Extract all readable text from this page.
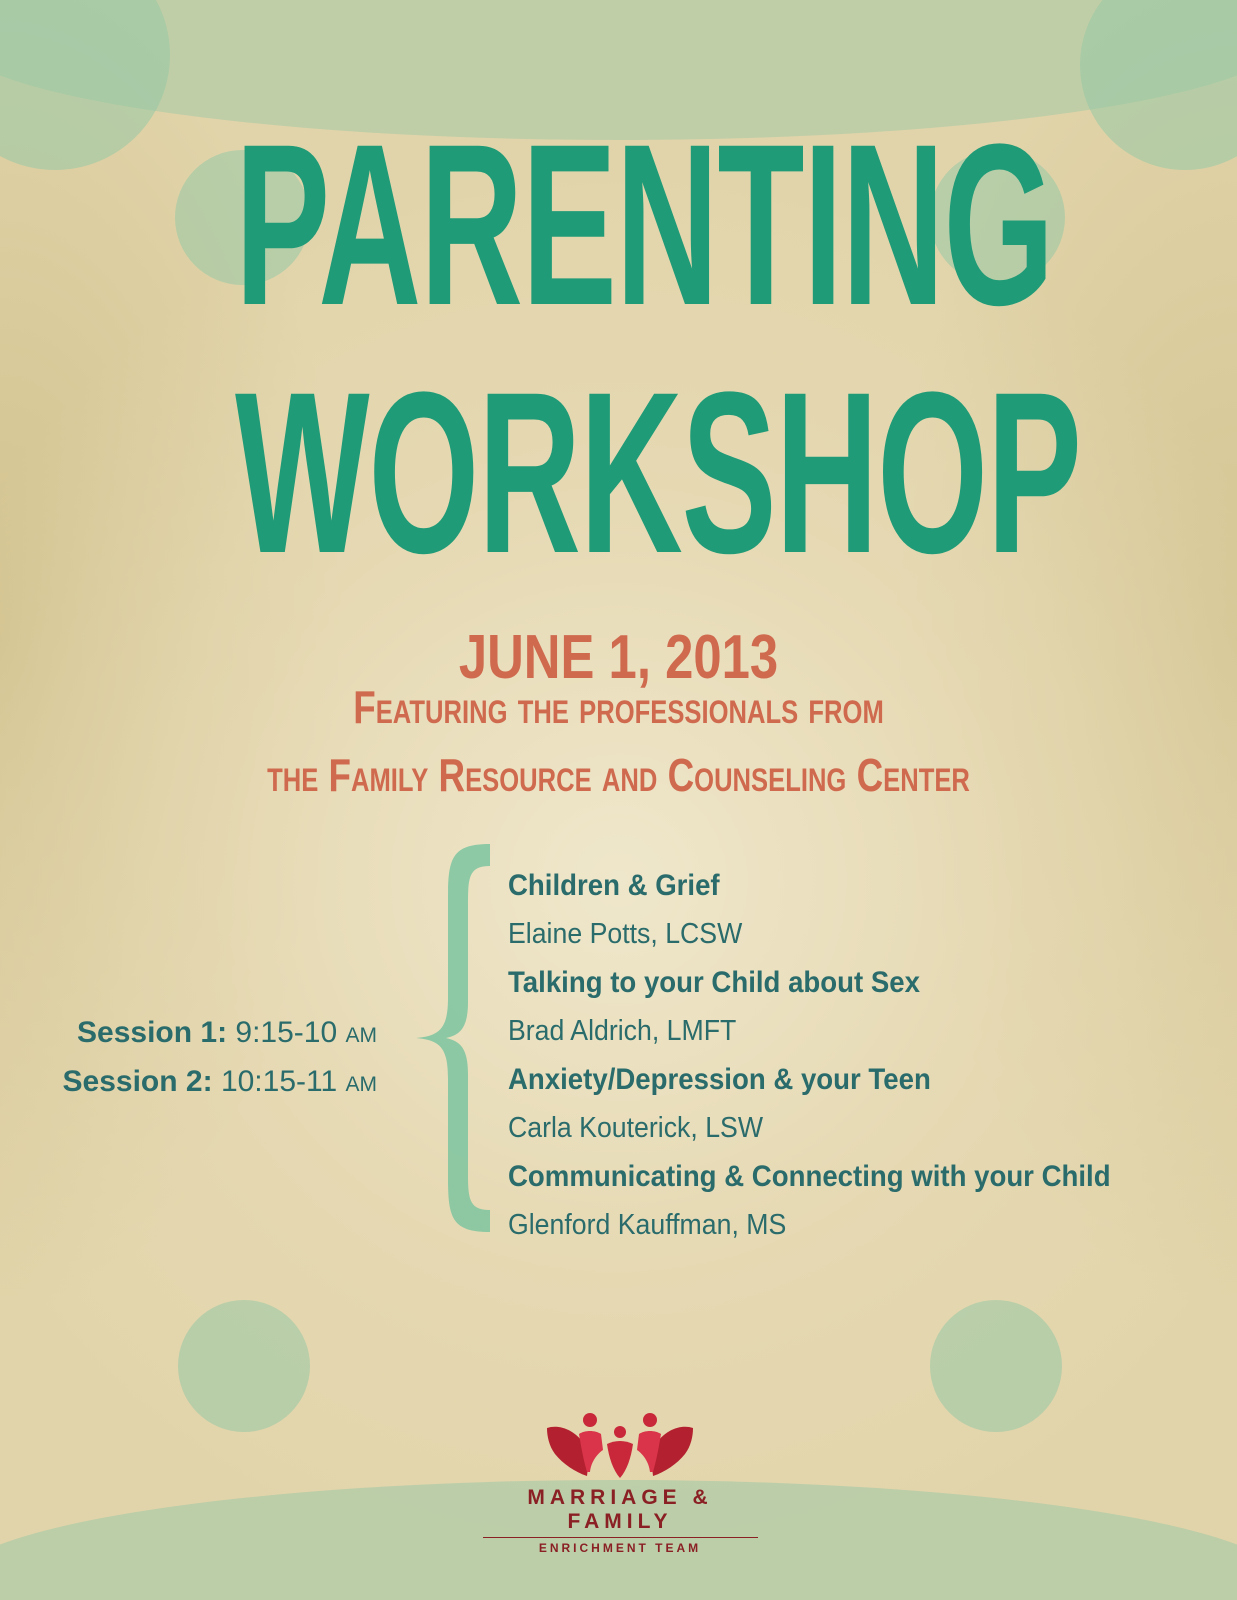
PARENTING
WORKSHOP
JUNE 1, 2013
Featuring the professionals from
the Family Resource and Counseling Center
Session 1: 9:15-10 AM
Session 2: 10:15-11 AM
Children & Grief
Elaine Potts, LCSW
Talking to your Child about Sex
Brad Aldrich, LMFT
Anxiety/Depression & your Teen
Carla Kouterick, LSW
Communicating & Connecting with your Child
Glenford Kauffman, MS
MARRIAGE & FAMILY
ENRICHMENT TEAM
